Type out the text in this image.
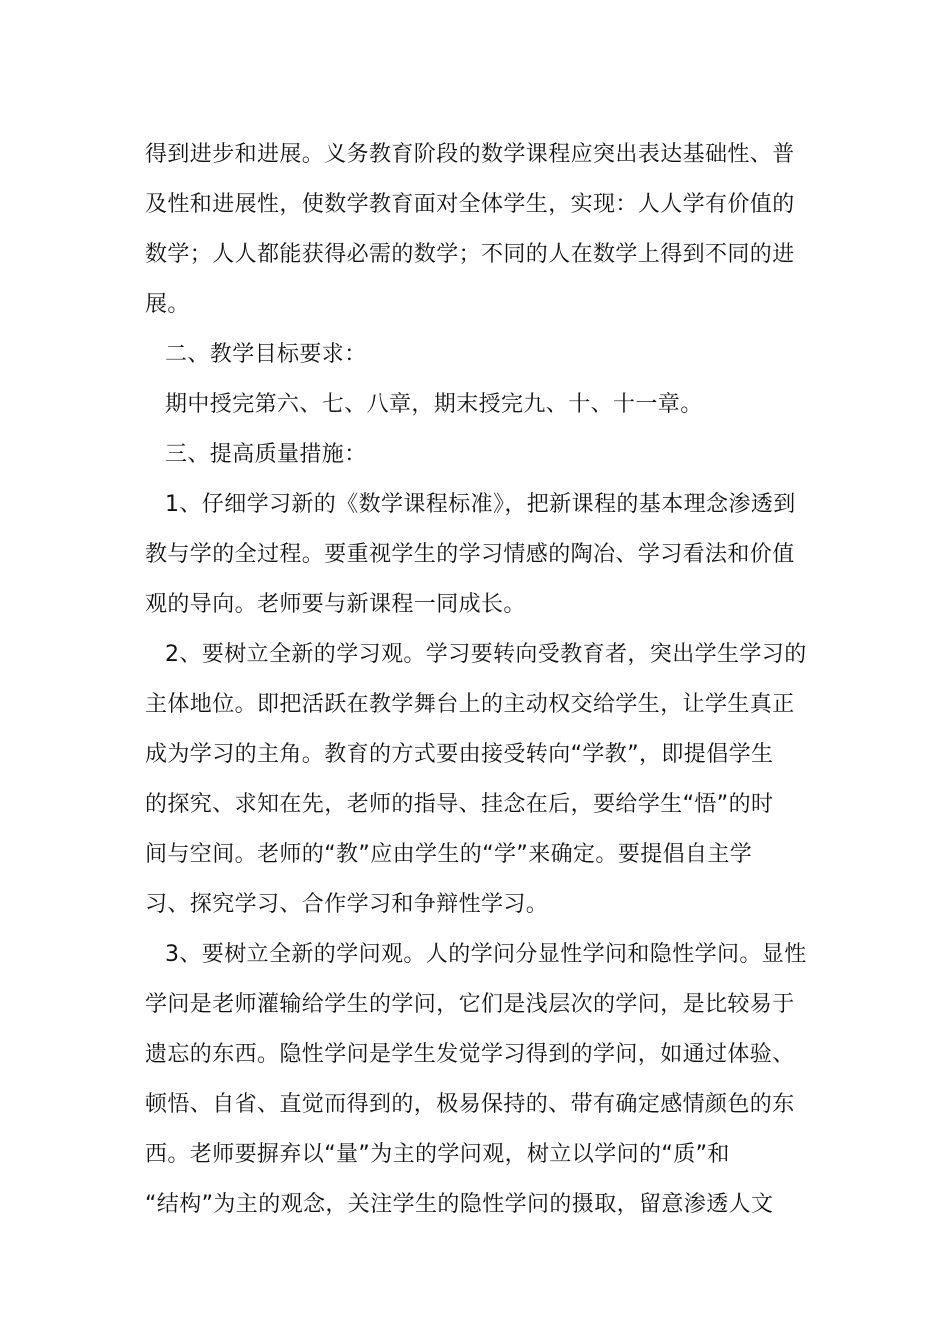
得到进步和进展。义务教育阶段的数学课程应突出表达基础性、普
及性和进展性，使数学教育面对全体学生，实现：人人学有价值的
数学；人人都能获得必需的数学；不同的人在数学上得到不同的进
展。
二、教学目标要求：
期中授完第六、七、八章，期末授完九、十、十一章。
三、提高质量措施：
1、仔细学习新的《数学课程标准》，把新课程的基本理念渗透到
教与学的全过程。要重视学生的学习情感的陶冶、学习看法和价值
观的导向。老师要与新课程一同成长。
2、要树立全新的学习观。学习要转向受教育者，突出学生学习的
主体地位。即把活跃在教学舞台上的主动权交给学生，让学生真正
成为学习的主角。教育的方式要由接受转向“学教”，即提倡学生
的探究、求知在先，老师的指导、挂念在后，要给学生“悟”的时
间与空间。老师的“教”应由学生的“学”来确定。要提倡自主学
习、探究学习、合作学习和争辩性学习。
3、要树立全新的学问观。人的学问分显性学问和隐性学问。显性
学问是老师灌输给学生的学问，它们是浅层次的学问，是比较易于
遗忘的东西。隐性学问是学生发觉学习得到的学问，如通过体验、
顿悟、自省、直觉而得到的，极易保持的、带有确定感情颜色的东
西。老师要摒弃以“量”为主的学问观，树立以学问的“质”和
“结构”为主的观念，关注学生的隐性学问的摄取，留意渗透人文
